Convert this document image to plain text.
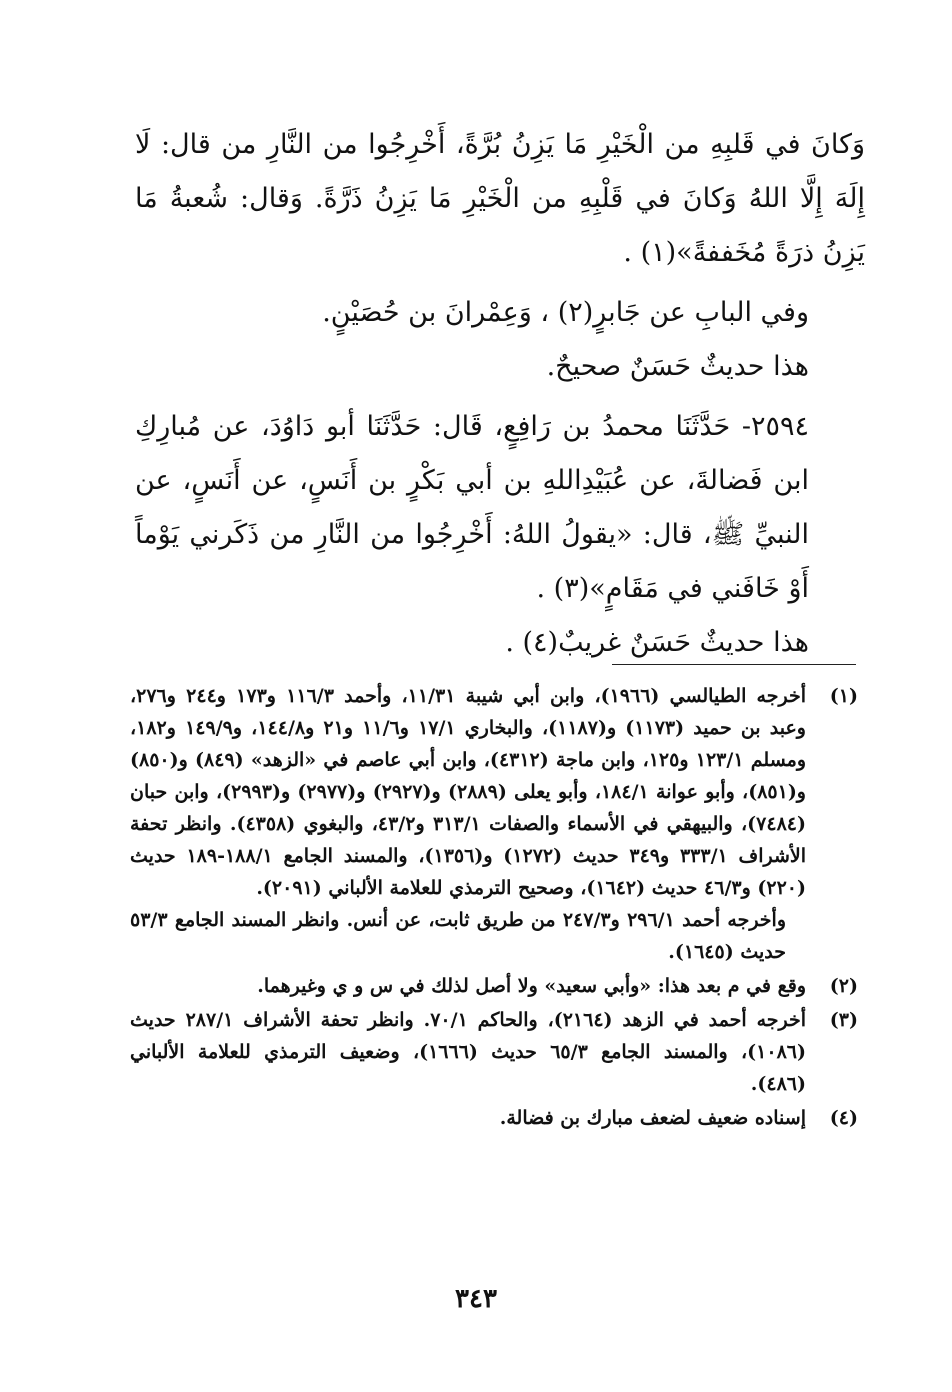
وَكانَ في قَلبِهِ من الْخَيْرِ مَا يَزِنُ بُرَّةً، أَخْرِجُوا من النَّارِ من قال: لَا إِلَهَ إِلَّا اللهُ وَكانَ في قَلْبِهِ من الْخَيْرِ مَا يَزِنُ ذَرَّةً. وَقال: شُعبةُ مَا يَزِنُ ذرَةً مُخَففةً»(١) .

وفي البابِ عن جَابرٍ(٢) ، وَعِمْرانَ بن حُصَيْنٍ.

هذا حديثٌ حَسَنٌ صحيحٌ.

٢٥٩٤- حَدَّثَنَا محمدُ بن رَافِعٍ، قَال: حَدَّثَنَا أبو دَاوُدَ، عن مُبارِكِ ابن فَضالةَ، عن عُبَيْدِاللهِ بن أبي بَكْرٍ بن أَنَسٍ، عن أَنَسٍ، عن النبيِّ ﷺ، قال: «يقولُ اللهُ: أَخْرِجُوا من النَّارِ من ذَكَرني يَوْماً أَوْ خَافَني في مَقَامٍ»(٣) .

هذا حديثٌ حَسَنٌ غريبٌ(٤) .

(١)
أخرجه الطيالسي (١٩٦٦)، وابن أبي شيبة ١١/٣١، وأحمد ١١٦/٣ و١٧٣ و٢٤٤ و٢٧٦، وعبد بن حميد (١١٧٣) و(١١٨٧)، والبخاري ١٧/١ و١١/٦ و٢١ و١٤٤/٨، و١٤٩/٩ و١٨٢، ومسلم ١٢٣/١ و١٢٥، وابن ماجة (٤٣١٢)، وابن أبي عاصم في «الزهد» (٨٤٩) و(٨٥٠) و(٨٥١)، وأبو عوانة ١٨٤/١، وأبو يعلى (٢٨٨٩) و(٢٩٢٧) و(٢٩٧٧) و(٢٩٩٣)، وابن حبان (٧٤٨٤)، والبيهقي في الأسماء والصفات ٣١٣/١ و٤٣/٢، والبغوي (٤٣٥٨). وانظر تحفة الأشراف ٣٣٣/١ و٣٤٩ حديث (١٢٧٢) و(١٣٥٦)، والمسند الجامع ١٨٨/١-١٨٩ حديث (٢٢٠) و٤٦/٣ حديث (١٦٤٢)، وصحيح الترمذي للعلامة الألباني (٢٠٩١).
وأخرجه أحمد ٢٩٦/١ و٢٤٧/٣ من طريق ثابت، عن أنس. وانظر المسند الجامع ٥٣/٣ حديث (١٦٤٥).
(٢)
وقع في م بعد هذا: «وأبي سعيد» ولا أصل لذلك في س و ي وغيرهما.
(٣)
أخرجه أحمد في الزهد (٢١٦٤)، والحاكم ٧٠/١. وانظر تحفة الأشراف ٢٨٧/١ حديث (١٠٨٦)، والمسند الجامع ٦٥/٣ حديث (١٦٦٦)، وضعيف الترمذي للعلامة الألباني (٤٨٦).
(٤)
إسناده ضعيف لضعف مبارك بن فضالة.
٣٤٣
